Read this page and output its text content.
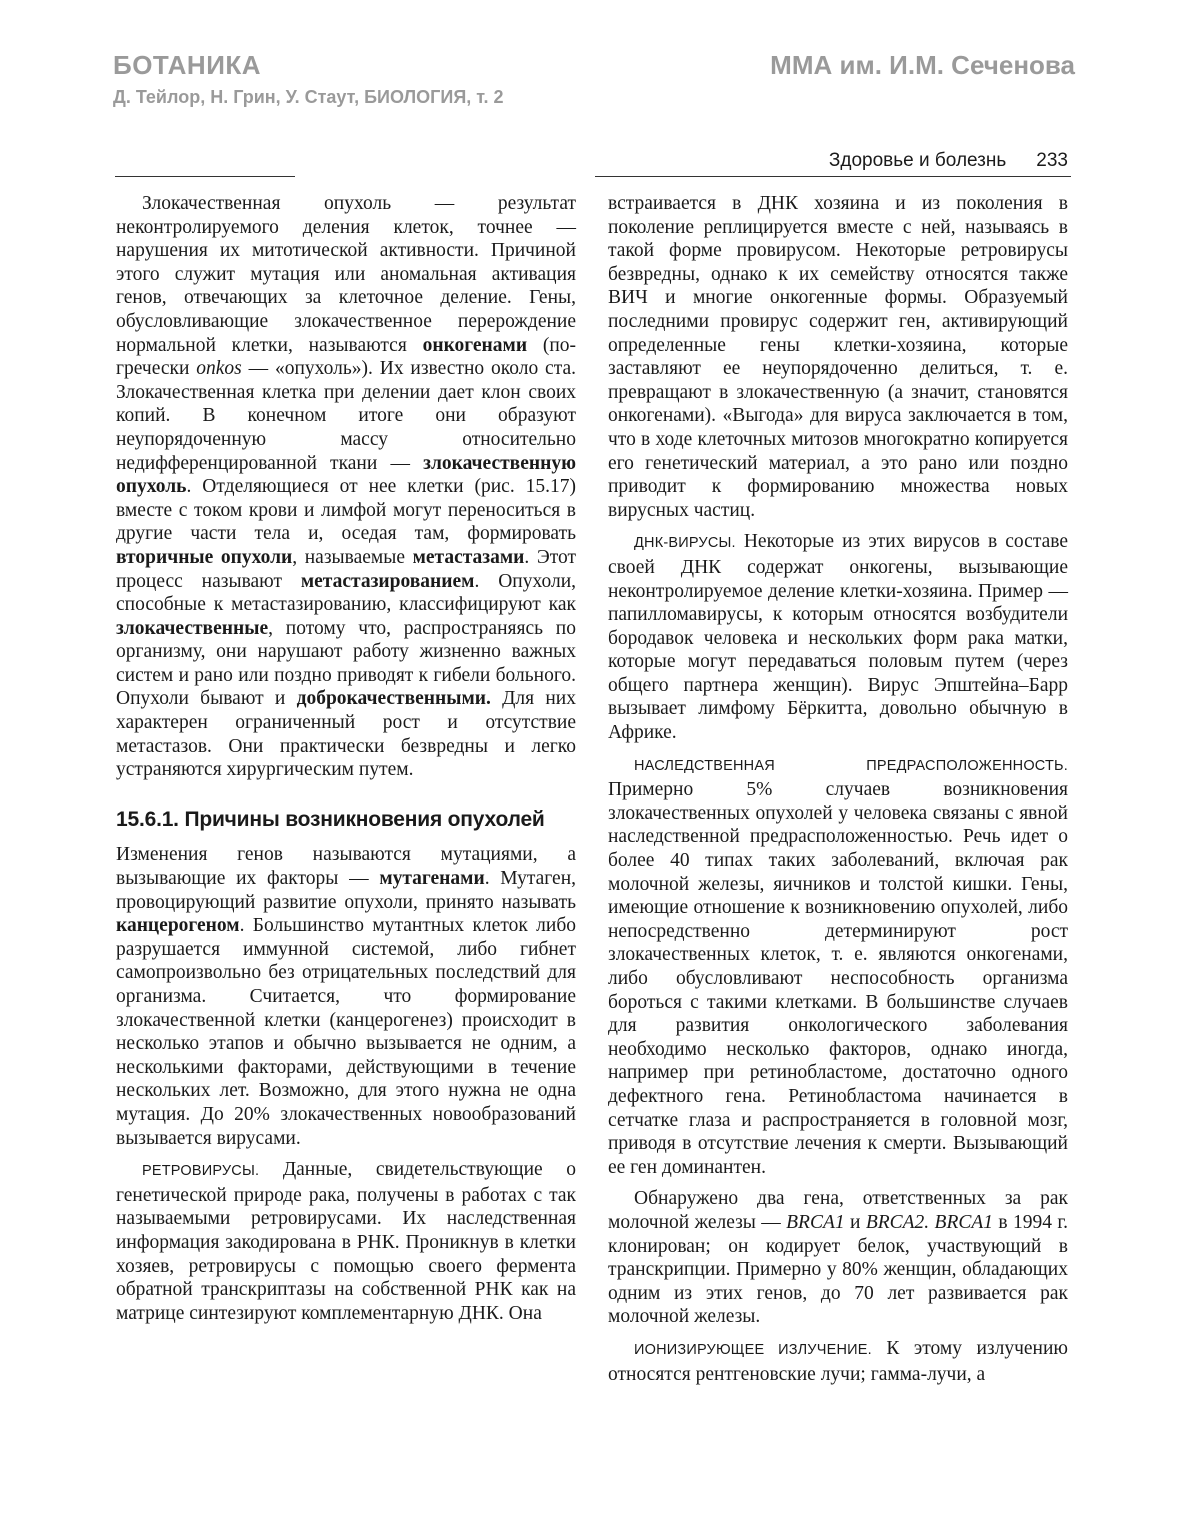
БОТАНИКА	ММА им. И.М. Сеченова
Д. Тейлор, Н. Грин, У. Стаут, БИОЛОГИЯ, т. 2
Здоровье и болезнь 233

Злокачественная опухоль — результат неконтролируемого деления клеток, точнее — нарушения их митотической активности. Причиной этого служит мутация или аномальная активация генов, отвечающих за клеточное деление. Гены, обусловливающие злокачественное перерождение нормальной клетки, называются онкогенами (по-гречески onkos — «опухоль»). Их известно около ста. Злокачественная клетка при делении дает клон своих копий. В конечном итоге они образуют неупорядоченную массу относительно недифференцированной ткани — злокачественную опухоль. Отделяющиеся от нее клетки (рис. 15.17) вместе с током крови и лимфой могут переноситься в другие части тела и, оседая там, формировать вторичные опухоли, называемые метастазами. Этот процесс называют метастазированием. Опухоли, способные к метастазированию, классифицируют как злокачественные, потому что, распространяясь по организму, они нарушают работу жизненно важных систем и рано или поздно приводят к гибели больного. Опухоли бывают и доброкачественными. Для них характерен ограниченный рост и отсутствие метастазов. Они практически безвредны и легко устраняются хирургическим путем.

15.6.1. Причины возникновения опухолей

Изменения генов называются мутациями, а вызывающие их факторы — мутагенами. Мутаген, провоцирующий развитие опухоли, принято называть канцерогеном. Большинство мутантных клеток либо разрушается иммунной системой, либо гибнет самопроизвольно без отрицательных последствий для организма. Считается, что формирование злокачественной клетки (канцерогенез) происходит в несколько этапов и обычно вызывается не одним, а несколькими факторами, действующими в течение нескольких лет. Возможно, для этого нужна не одна мутация. До 20% злокачественных новообразований вызывается вирусами.

РЕТРОВИРУСЫ. Данные, свидетельствующие о генетической природе рака, получены в работах с так называемыми ретровирусами. Их наследственная информация закодирована в РНК. Проникнув в клетки хозяев, ретровирусы с помощью своего фермента обратной транскриптазы на собственной РНК как на матрице синтезируют комплементарную ДНК. Она

встраивается в ДНК хозяина и из поколения в поколение реплицируется вместе с ней, называясь в такой форме провирусом. Некоторые ретровирусы безвредны, однако к их семейству относятся также ВИЧ и многие онкогенные формы. Образуемый последними провирус содержит ген, активирующий определенные гены клетки-хозяина, которые заставляют ее неупорядоченно делиться, т. е. превращают в злокачественную (а значит, становятся онкогенами). «Выгода» для вируса заключается в том, что в ходе клеточных митозов многократно копируется его генетический материал, а это рано или поздно приводит к формированию множества новых вирусных частиц.

ДНК-ВИРУСЫ. Некоторые из этих вирусов в составе своей ДНК содержат онкогены, вызывающие неконтролируемое деление клетки-хозяина. Пример — папилломавирусы, к которым относятся возбудители бородавок человека и нескольких форм рака матки, которые могут передаваться половым путем (через общего партнера женщин). Вирус Эпштейна–Барр вызывает лимфому Бёркитта, довольно обычную в Африке.

НАСЛЕДСТВЕННАЯ ПРЕДРАСПОЛОЖЕННОСТЬ. Примерно 5% случаев возникновения злокачественных опухолей у человека связаны с явной наследственной предрасположенностью. Речь идет о более 40 типах таких заболеваний, включая рак молочной железы, яичников и толстой кишки. Гены, имеющие отношение к возникновению опухолей, либо непосредственно детерминируют рост злокачественных клеток, т. е. являются онкогенами, либо обусловливают неспособность организма бороться с такими клетками. В большинстве случаев для развития онкологического заболевания необходимо несколько факторов, однако иногда, например при ретинобластоме, достаточно одного дефектного гена. Ретинобластома начинается в сетчатке глаза и распространяется в головной мозг, приводя в отсутствие лечения к смерти. Вызывающий ее ген доминантен.

Обнаружено два гена, ответственных за рак молочной железы — BRCA1 и BRCA2. BRCA1 в 1994 г. клонирован; он кодирует белок, участвующий в транскрипции. Примерно у 80% женщин, обладающих одним из этих генов, до 70 лет развивается рак молочной железы.

ИОНИЗИРУЮЩЕЕ ИЗЛУЧЕНИЕ. К этому излучению относятся рентгеновские лучи; гамма-лучи, а
